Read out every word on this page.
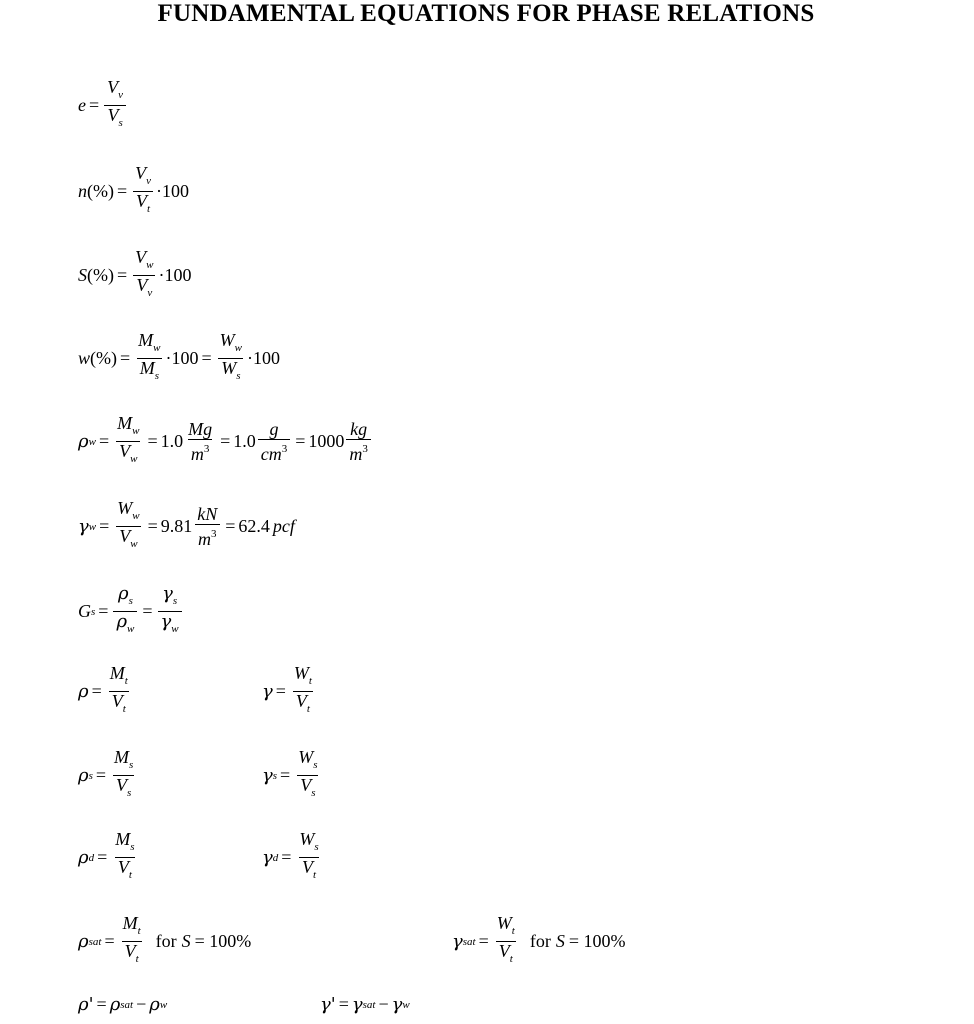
FUNDAMENTAL EQUATIONS FOR PHASE RELATIONS
$e = \frac{V_v}{V_s}$
n (%) = $\frac{V_v}{V_t} \cdot 100$
S (%) = $\frac{V_w}{V_v} \cdot 100$
w (%) = $\frac{M_w}{M_s} \cdot 100 = \frac{W_w}{W_s} \cdot 100$
ρ $w = \frac{M_w}{V_w} = 1.0 \frac{Mg}{m^3} = 1.0 \frac{g}{cm^3} = 1000 \frac{kg}{m^3}$
γ $w = \frac{W_w}{V_w} = 9.81 \frac{kN}{m^3} = 62.4$ pcf
G $s = \frac{\rho_s}{\rho_w} = \frac{\gamma_s}{\gamma_w}$
$\rho = \frac{M_t}{V_t}$	$\gamma = \frac{W_t}{V_t}$
ρ $s = \frac{M_s}{V_s}$	γ $s = \frac{W_s}{V_s}$
ρ $d = \frac{M_s}{V_t}$	γ $d = \frac{W_s}{V_t}$
ρ sat = $\frac{M_t}{V_t}$ for S = 100%	γ sat = $\frac{W_t}{V_t}$ for S = 100%
ρ' = ρ sat − ρ w	γ' = γ sat − γ w
